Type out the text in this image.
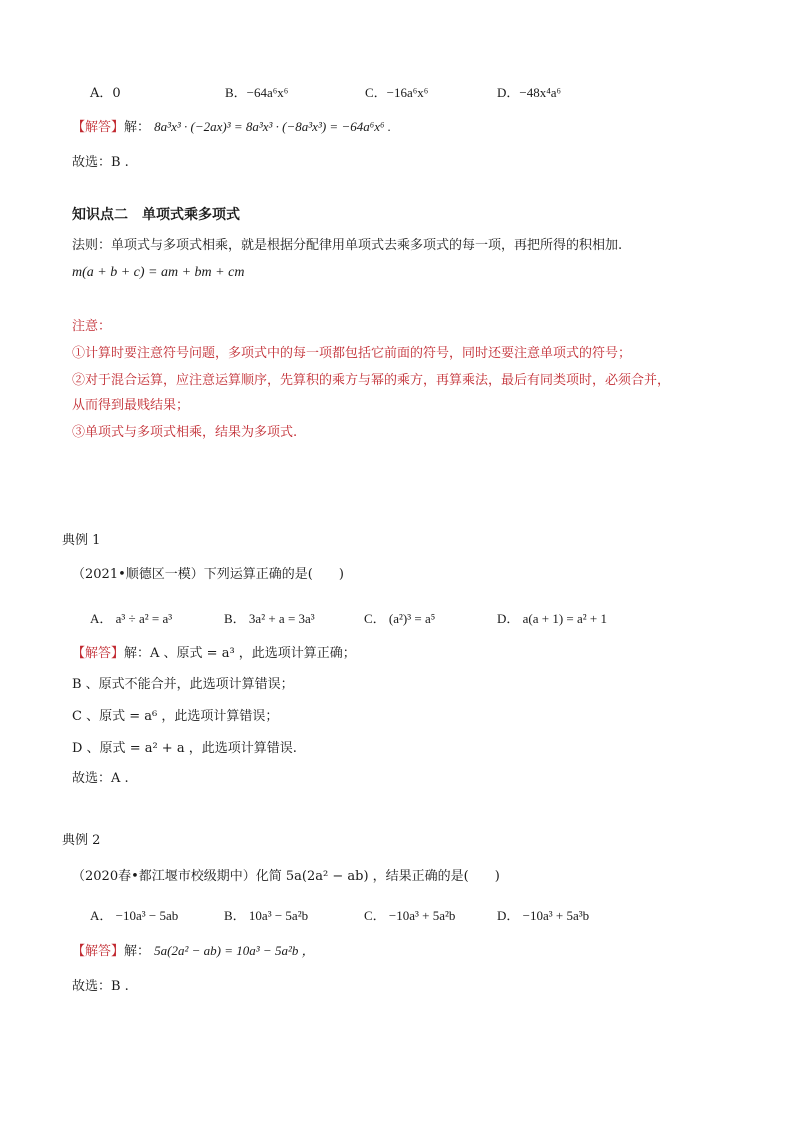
A．0	B．−64a⁶x⁶	C．−16a⁶x⁶	D．−48x⁴a⁶
【解答】解： 8a³x³ · (−2ax)³ = 8a³x³ · (−8a³x³) = −64a⁶x⁶ .
故选：B .
知识点二　单项式乘多项式
法则：单项式与多项式相乘，就是根据分配律用单项式去乘多项式的每一项，再把所得的积相加.
m(a + b + c) = am + bm + cm
注意：
①计算时要注意符号问题，多项式中的每一项都包括它前面的符号，同时还要注意单项式的符号；
②对于混合运算，应注意运算顺序，先算积的乘方与幂的乘方，再算乘法，最后有同类项时，必须合并，
从而得到最贱结果；
③单项式与多项式相乘，结果为多项式.
典例 1
（2021•顺德区一模）下列运算正确的是(　　)
A． a³ ÷ a² = a³	B． 3a² + a = 3a³	C． (a²)³ = a⁵	D． a(a + 1) = a² + 1
【解答】解：A 、原式 = a³ ，此选项计算正确；
B 、原式不能合并，此选项计算错误；
C 、原式 = a⁶ ，此选项计算错误；
D 、原式 = a² + a ，此选项计算错误.
故选：A .
典例 2
（2020春•都江堰市校级期中）化简 5a(2a² − ab) ，结果正确的是(　　)
A． −10a³ − 5ab	B． 10a³ − 5a²b	C． −10a³ + 5a²b	D． −10a³ + 5a³b
【解答】解： 5a(2a² − ab) = 10a³ − 5a²b ，
故选：B .
